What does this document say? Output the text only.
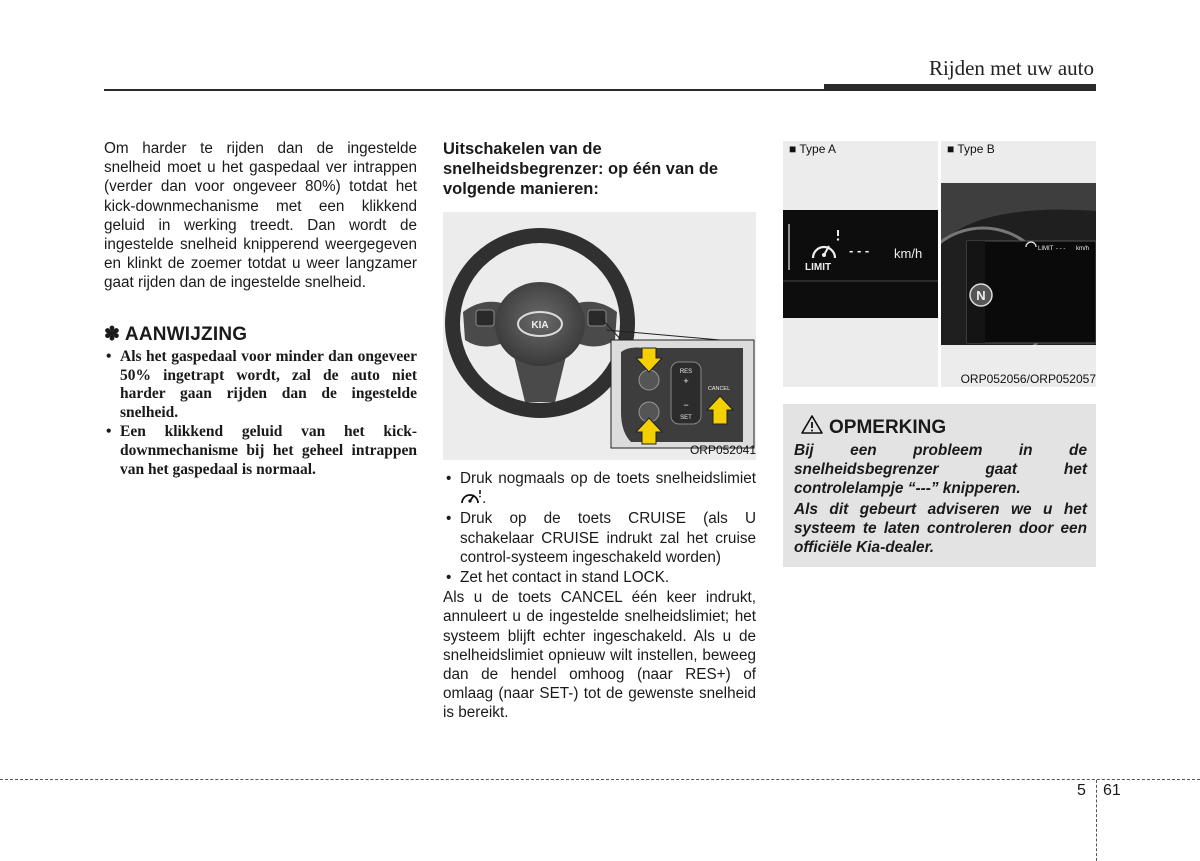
Rijden met uw auto

Om harder te rijden dan de ingestelde snelheid moet u het gaspedaal ver intrappen (verder dan voor ongeveer 80%) totdat het kick-downmechanisme met een klikkend geluid in werking treedt. Dan wordt de ingestelde snelheid knipperend weergegeven en klinkt de zoemer totdat u weer langzamer gaat rijden dan de ingestelde snelheid.

✽ AANWIJZING
• Als het gaspedaal voor minder dan ongeveer 50% ingetrapt wordt, zal de auto niet harder gaan rijden dan de ingestelde snelheid.
• Een klikkend geluid van het kick-downmechanisme bij het geheel intrappen van het gaspedaal is normaal.
Uitschakelen van de snelheidsbegrenzer: op één van de volgende manieren:
KIA
RES
+
−
SET
CANCEL
ORP052041
• Druk nogmaals op de toets snelheidslimiet .
• Druk op de toets CRUISE (als U schakelaar CRUISE indrukt zal het cruise control-systeem ingeschakeld worden)
• Zet het contact in stand LOCK.

Als u de toets CANCEL één keer indrukt, annuleert u de ingestelde snelheidslimiet; het systeem blijft echter ingeschakeld. Als u de snelheidslimiet opnieuw wilt instellen, beweeg dan de hendel omhoog (naar RES+) of omlaag (naar SET-) tot de gewenste snelheid is bereikt.

■ Type A
LIMIT
- - - km/h
■ Type B
LIMIT - - - km/h
N
ORP052056/ORP052057
OPMERKING

Bij een probleem in de snelheidsbegrenzer gaat het controlelampje “---” knipperen.

Als dit gebeurt adviseren we u het systeem te laten controleren door een officiële Kia-dealer.

5 61
